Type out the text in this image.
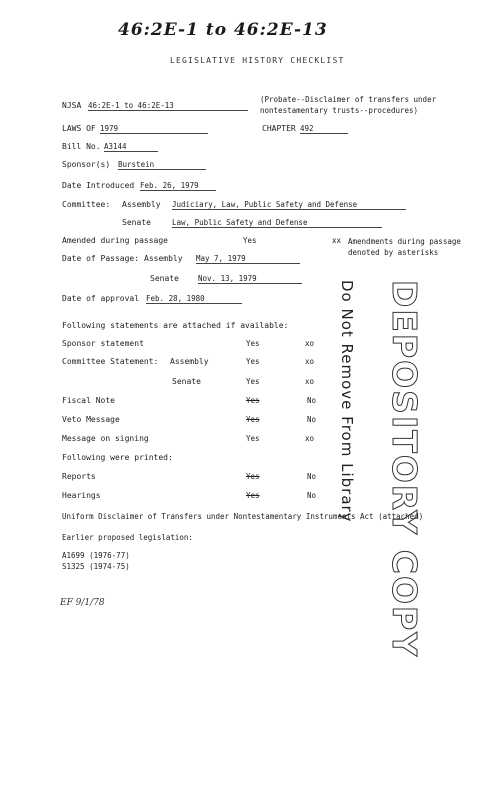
46:2E-1 to 46:2E-13
LEGISLATIVE HISTORY CHECKLIST
NJSA 46:2E-1 to 46:2E-13
(Probate--Disclaimer of transfers under
nontestamentary trusts--procedures)
LAWS OF 1979	CHAPTER 492
Bill No. A3144
Sponsor(s) Burstein
Date Introduced Feb. 26, 1979
Committee: Assembly Judiciary, Law, Public Safety and Defense
Senate	Law, Public Safety and Defense
Amended during passage	Yes	xx Amendments during passage
denoted by asterisks
Date of Passage: Assembly May 7, 1979
Senate	Nov. 13, 1979
Date of approval Feb. 28, 1980
Following statements are attached if available:
Sponsor statement	Yes	xo
Committee Statement: Assembly	Yes	xo
Senate	Yes	xo
Fiscal Note	Yes	No
Veto Message	Yes	No
Message on signing	Yes	xo
Following were printed:
Reports	Yes	No
Hearings	Yes	No
Uniform Disclaimer of Transfers under Nontestamentary Instruments Act (attached)
Earlier proposed legislation:
A1699 (1976-77)
S1325 (1974-75)
EF 9/1/78	DEPOSITORY COPY
Do Not Remove From Library
